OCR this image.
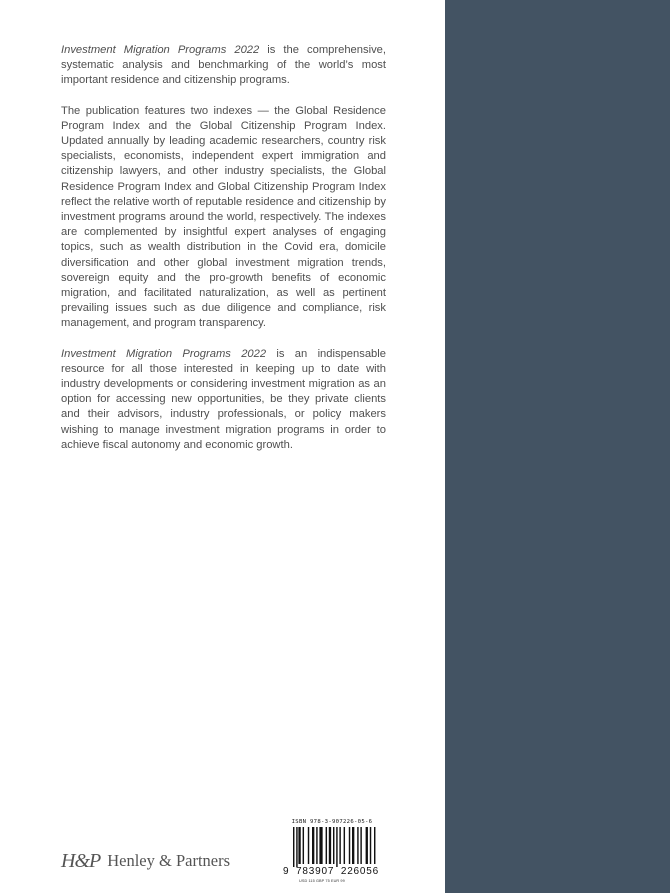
Investment Migration Programs 2022 is the comprehensive, systematic analysis and benchmarking of the world’s most important residence and citizenship programs.

The publication features two indexes — the Global Residence Program Index and the Global Citizenship Program Index. Updated annually by leading academic researchers, country risk specialists, economists, independent expert immigration and citizenship lawyers, and other industry specialists, the Global Residence Program Index and Global Citizenship Program Index reflect the relative worth of reputable residence and citizenship by investment programs around the world, respectively. The indexes are complemented by insightful expert analyses of engaging topics, such as wealth distribution in the Covid era, domicile diversification and other global investment migration trends, sovereign equity and the pro-growth benefits of economic migration, and facilitated naturalization, as well as pertinent prevailing issues such as due diligence and compliance, risk management, and program transparency.

Investment Migration Programs 2022 is an indispensable resource for all those interested in keeping up to date with industry developments or considering investment migration as an option for accessing new opportunities, be they private clients and their advisors, industry professionals, or policy makers wishing to manage investment migration programs in order to achieve fiscal autonomy and economic growth.

H&P Henley & Partners
ISBN 978-3-907226-05-6
9 783907 226056
USD 115 GBP 75 EUR 99
